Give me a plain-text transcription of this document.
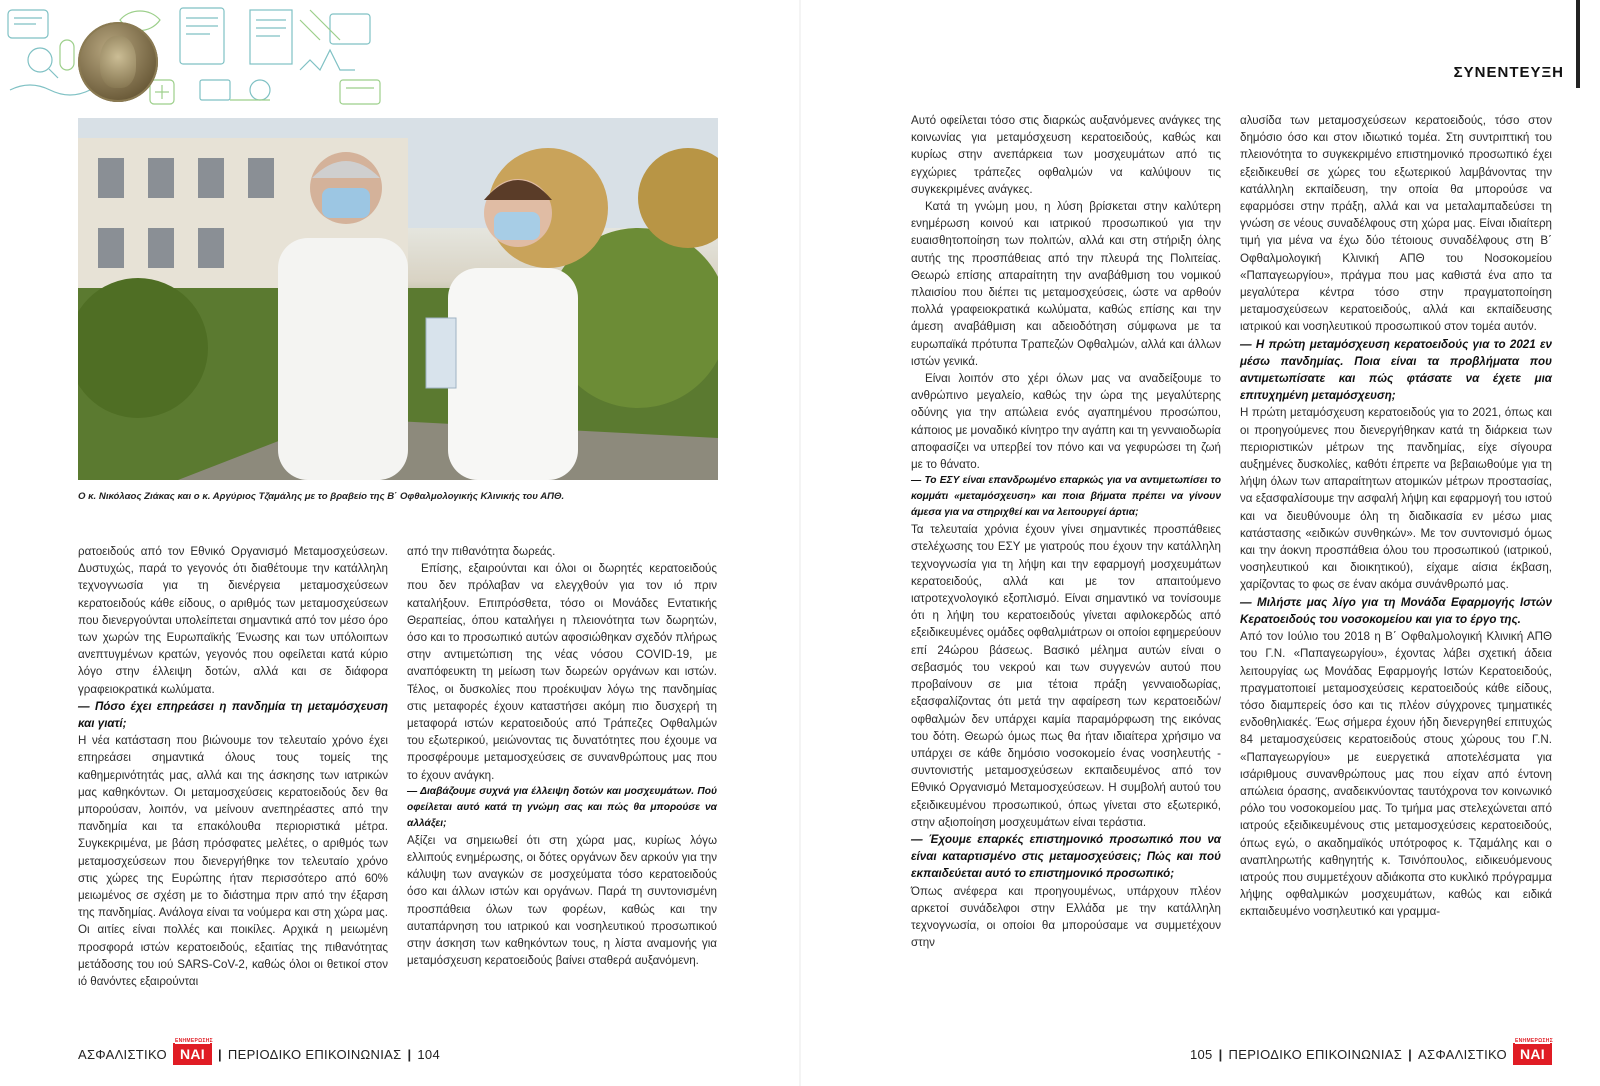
Ο κ. Νικόλαος Ζιάκας και ο κ. Αργύριος Τζαμάλης με το βραβείο της Β΄ Οφθαλμολογικής Κλινικής του ΑΠΘ.

ρατοειδούς από τον Εθνικό Οργανισμό Μεταμοσχεύσεων. Δυστυχώς, παρά το γεγονός ότι διαθέτουμε την κατάλληλη τεχνογνωσία για τη διενέργεια μεταμοσχεύσεων κερατοειδούς κάθε είδους, ο αριθμός των μεταμοσχεύσεων που διενεργούνται υπολείπεται σημαντικά από τον μέσο όρο των χωρών της Ευρωπαϊκής Ένωσης και των υπόλοιπων ανεπτυγμένων κρατών, γεγονός που οφείλεται κατά κύριο λόγο στην έλλειψη δοτών, αλλά και σε διάφορα γραφειοκρατικά κωλύματα.

— Πόσο έχει επηρεάσει η πανδημία τη μεταμόσχευση και γιατί;

Η νέα κατάσταση που βιώνουμε τον τελευταίο χρόνο έχει επηρεάσει σημαντικά όλους τους τομείς της καθημερινότητάς μας, αλλά και της άσκησης των ιατρικών μας καθηκόντων. Οι μεταμοσχεύσεις κερατοειδούς δεν θα μπορούσαν, λοιπόν, να μείνουν ανεπηρέαστες από την πανδημία και τα επακόλουθα περιοριστικά μέτρα. Συγκεκριμένα, με βάση πρόσφατες μελέτες, ο αριθμός των μεταμοσχεύσεων που διενεργήθηκε τον τελευταίο χρόνο στις χώρες της Ευρώπης ήταν περισσότερο από 60% μειωμένος σε σχέση με το διάστημα πριν από την έξαρση της πανδημίας. Ανάλογα είναι τα νούμερα και στη χώρα μας. Οι αιτίες είναι πολλές και ποικίλες. Αρχικά η μειωμένη προσφορά ιστών κερατοειδούς, εξαιτίας της πιθανότητας μετάδοσης του ιού SARS-CoV-2, καθώς όλοι οι θετικοί στον ιό θανόντες εξαιρούνται

από την πιθανότητα δωρεάς.

Επίσης, εξαιρούνται και όλοι οι δωρητές κερατοειδούς που δεν πρόλαβαν να ελεγχθούν για τον ιό πριν καταλήξουν. Επιπρόσθετα, τόσο οι Μονάδες Εντατικής Θεραπείας, όπου καταλήγει η πλειονότητα των δωρητών, όσο και το προσωπικό αυτών αφοσιώθηκαν σχεδόν πλήρως στην αντιμετώπιση της νέας νόσου COVID-19, με αναπόφευκτη τη μείωση των δωρεών οργάνων και ιστών. Τέλος, οι δυσκολίες που προέκυψαν λόγω της πανδημίας στις μεταφορές έχουν καταστήσει ακόμη πιο δυσχερή τη μεταφορά ιστών κερατοειδούς από Τράπεζες Οφθαλμών του εξωτερικού, μειώνοντας τις δυνατότητες που έχουμε να προσφέρουμε μεταμοσχεύσεις σε συνανθρώπους μας που το έχουν ανάγκη.

— Διαβάζουμε συχνά για έλλειψη δοτών και μοσχευμάτων. Πού οφείλεται αυτό κατά τη γνώμη σας και πώς θα μπορούσε να αλλάξει;

Αξίζει να σημειωθεί ότι στη χώρα μας, κυρίως λόγω ελλιπούς ενημέρωσης, οι δότες οργάνων δεν αρκούν για την κάλυψη των αναγκών σε μοσχεύματα τόσο κερατοειδούς όσο και άλλων ιστών και οργάνων. Παρά τη συντονισμένη προσπάθεια όλων των φορέων, καθώς και την αυταπάρνηση του ιατρικού και νοσηλευτικού προσωπικού στην άσκηση των καθηκόντων τους, η λίστα αναμονής για μεταμόσχευση κερατοειδούς βαίνει σταθερά αυξανόμενη.

ΑΣΦΑΛΙΣΤΙΚΟ
ΕΝΗΜΕΡΩΣΗΣ
ΝΑΙ	| ΠΕΡΙΟΔΙΚΟ ΕΠΙΚΟΙΝΩΝΙΑΣ | 104
ΣΥΝΕΝΤΕΥΞΗ

Αυτό οφείλεται τόσο στις διαρκώς αυξανόμενες ανάγκες της κοινωνίας για μεταμόσχευση κερατοειδούς, καθώς και κυρίως στην ανεπάρκεια των μοσχευμάτων από τις εγχώριες τράπεζες οφθαλμών να καλύψουν τις συγκεκριμένες ανάγκες.

Κατά τη γνώμη μου, η λύση βρίσκεται στην καλύτερη ενημέρωση κοινού και ιατρικού προσωπικού για την ευαισθητοποίηση των πολιτών, αλλά και στη στήριξη όλης αυτής της προσπάθειας από την πλευρά της Πολιτείας. Θεωρώ επίσης απαραίτητη την αναβάθμιση του νομικού πλαισίου που διέπει τις μεταμοσχεύσεις, ώστε να αρθούν πολλά γραφειοκρατικά κωλύματα, καθώς επίσης και την άμεση αναβάθμιση και αδειοδότηση σύμφωνα με τα ευρωπαϊκά πρότυπα Τραπεζών Οφθαλμών, αλλά και άλλων ιστών γενικά.

Είναι λοιπόν στο χέρι όλων μας να αναδείξουμε το ανθρώπινο μεγαλείο, καθώς την ώρα της μεγαλύτερης οδύνης για την απώλεια ενός αγαπημένου προσώπου, κάποιος με μοναδικό κίνητρο την αγάπη και τη γενναιοδωρία αποφασίζει να υπερβεί τον πόνο και να γεφυρώσει τη ζωή με το θάνατο.

— Το ΕΣΥ είναι επανδρωμένο επαρκώς για να αντιμετωπίσει το κομμάτι «μεταμόσχευση» και ποια βήματα πρέπει να γίνουν άμεσα για να στηριχθεί και να λειτουργεί άρτια;

Τα τελευταία χρόνια έχουν γίνει σημαντικές προσπάθειες στελέχωσης του ΕΣΥ με γιατρούς που έχουν την κατάλληλη τεχνογνωσία για τη λήψη και την εφαρμογή μοσχευμάτων κερατοειδούς, αλλά και με τον απαιτούμενο ιατροτεχνολογικό εξοπλισμό. Είναι σημαντικό να τονίσουμε ότι η λήψη του κερατοειδούς γίνεται αφιλοκερδώς από εξειδικευμένες ομάδες οφθαλμιάτρων οι οποίοι εφημερεύουν επί 24ώρου βάσεως. Βασικό μέλημα αυτών είναι ο σεβασμός του νεκρού και των συγγενών αυτού που προβαίνουν σε μια τέτοια πράξη γενναιοδωρίας, εξασφαλίζοντας ότι μετά την αφαίρεση των κερατοειδών/οφθαλμών δεν υπάρχει καμία παραμόρφωση της εικόνας του δότη. Θεωρώ όμως πως θα ήταν ιδιαίτερα χρήσιμο να υπάρχει σε κάθε δημόσιο νοσοκομείο ένας νοσηλευτής - συντονιστής μεταμοσχεύσεων εκπαιδευμένος από τον Εθνικό Οργανισμό Μεταμοσχεύσεων. Η συμβολή αυτού του εξειδικευμένου προσωπικού, όπως γίνεται στο εξωτερικό, στην αξιοποίηση μοσχευμάτων είναι τεράστια.

— Έχουμε επαρκές επιστημονικό προσωπικό που να είναι καταρτισμένο στις μεταμοσχεύσεις; Πώς και πού εκπαιδεύεται αυτό το επιστημονικό προσωπικό;

Όπως ανέφερα και προηγουμένως, υπάρχουν πλέον αρκετοί συνάδελφοι στην Ελλάδα με την κατάλληλη τεχνογνωσία, οι οποίοι θα μπορούσαμε να συμμετέχουν στην

αλυσίδα των μεταμοσχεύσεων κερατοειδούς, τόσο στον δημόσιο όσο και στον ιδιωτικό τομέα. Στη συντριπτική του πλειονότητα το συγκεκριμένο επιστημονικό προσωπικό έχει εξειδικευθεί σε χώρες του εξωτερικού λαμβάνοντας την κατάλληλη εκπαίδευση, την οποία θα μπορούσε να εφαρμόσει στην πράξη, αλλά και να μεταλαμπαδεύσει τη γνώση σε νέους συναδέλφους στη χώρα μας. Είναι ιδιαίτερη τιμή για μένα να έχω δύο τέτοιους συναδέλφους στη Β΄ Οφθαλμολογική Κλινική ΑΠΘ του Νοσοκομείου «Παπαγεωργίου», πράγμα που μας καθιστά ένα απο τα μεγαλύτερα κέντρα τόσο στην πραγματοποίηση μεταμοσχεύσεων κερατοειδούς, αλλά και εκπαίδευσης ιατρικού και νοσηλευτικού προσωπικού στον τομέα αυτόν.

— Η πρώτη μεταμόσχευση κερατοειδούς για το 2021 εν μέσω πανδημίας. Ποια είναι τα προβλήματα που αντιμετωπίσατε και πώς φτάσατε να έχετε μια επιτυχημένη μεταμόσχευση;

Η πρώτη μεταμόσχευση κερατοειδούς για το 2021, όπως και οι προηγούμενες που διενεργήθηκαν κατά τη διάρκεια των περιοριστικών μέτρων της πανδημίας, είχε σίγουρα αυξημένες δυσκολίες, καθότι έπρεπε να βεβαιωθούμε για τη λήψη όλων των απαραίτητων ατομικών μέτρων προστασίας, να εξασφαλίσουμε την ασφαλή λήψη και εφαρμογή του ιστού και να διευθύνουμε όλη τη διαδικασία εν μέσω μιας κατάστασης «ειδικών συνθηκών». Με τον συντονισμό όμως και την άοκνη προσπάθεια όλου του προσωπικού (ιατρικού, νοσηλευτικού και διοικητικού), είχαμε αίσια έκβαση, χαρίζοντας το φως σε έναν ακόμα συνάνθρωπό μας.

— Μιλήστε μας λίγο για τη Μονάδα Εφαρμογής Ιστών Κερατοειδούς του νοσοκομείου και για το έργο της.

Από τον Ιούλιο του 2018 η Β΄ Οφθαλμολογική Κλινική ΑΠΘ του Γ.Ν. «Παπαγεωργίου», έχοντας λάβει σχετική άδεια λειτουργίας ως Μονάδας Εφαρμογής Ιστών Κερατοειδούς, πραγματοποιεί μεταμοσχεύσεις κερατοειδούς κάθε είδους, τόσο διαμπερείς όσο και τις πλέον σύγχρονες τμηματικές ενδοθηλιακές. Έως σήμερα έχουν ήδη διενεργηθεί επιτυχώς 84 μεταμοσχεύσεις κερατοειδούς στους χώρους του Γ.Ν. «Παπαγεωργίου» με ευεργετικά αποτελέσματα για ισάριθμους συνανθρώπους μας που είχαν από έντονη απώλεια όρασης, αναδεικνύοντας ταυτόχρονα τον κοινωνικό ρόλο του νοσοκομείου μας. Το τμήμα μας στελεχώνεται από ιατρούς εξειδικευμένους στις μεταμοσχεύσεις κερατοειδούς, όπως εγώ, ο ακαδημαϊκός υπότροφος κ. Τζαμάλης και ο αναπληρωτής καθηγητής κ. Τσινόπουλος, ειδικευόμενους ιατρούς που συμμετέχουν αδιάκοπα στο κυκλικό πρόγραμμα λήψης οφθαλμικών μοσχευμάτων, καθώς και ειδικά εκπαιδευμένο νοσηλευτικό και γραμμα-

105 | ΠΕΡΙΟΔΙΚΟ ΕΠΙΚΟΙΝΩΝΙΑΣ | ΑΣΦΑΛΙΣΤΙΚΟ
ΕΝΗΜΕΡΩΣΗΣ
ΝΑΙ
